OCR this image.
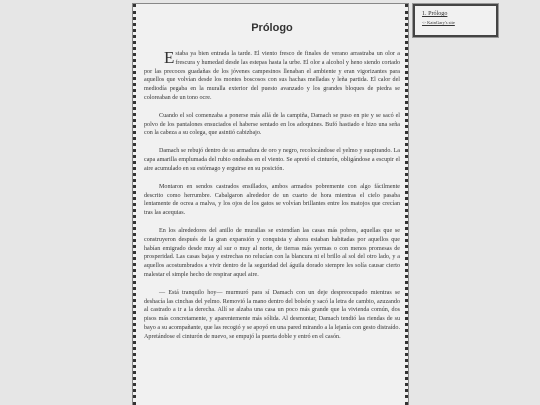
Prólogo

Estaba ya bien entrada la tarde. El viento fresco de finales de verano arrastraba un olor a frescura y humedad desde las estepas hasta la urbe. El olor a alcohol y heno siendo cortado por las precoces guadañas de los jóvenes campesinos llenaban el ambiente y eran vigorizantes para aquellos que volvían desde los montes boscosos con sus hachas melladas y leña partida. El calor del mediodía pegaba en la muralla exterior del puesto avanzado y los grandes bloques de piedra se coloreaban de un tono ocre.

Cuando el sol comenzaba a ponerse más allá de la campiña, Damach se puso en pie y se sacó el polvo de los pantalones ensuciados el haberse sentado en los adoquines. Bufó hastiado e hizo una seña con la cabeza a su colega, que asintió cabizbajo.

Damach se rebujó dentro de su armadura de oro y negro, recolocándose el yelmo y suspirando. La capa amarilla emplumada del rubio ondeaba en el viento. Se apretó el cinturón, obligándose a escupir el aire acumulado en su estómago y erguirse en su posición.

Montaron en sendos castrados ensillados, ambos armados pobremente con algo fácilmente descrito como herrumbre. Cabalgaron alrededor de un cuarto de hora mientras el cielo pasaba lentamente de ocrea a malva, y los ojos de los gatos se volvían brillantes entre los matojos que crecían tras las acequias.

En los alrededores del anillo de murallas se extendían las casas más pobres, aquellas que se construyeron después de la gran expansión y conquista y ahora estaban habitadas por aquellos que habían emigrado desde muy al sur o muy al norte, de tierras más yermas o con menos promesas de prosperidad. Las casas bajas y estrechas no relucían con la blancura ni el brillo al sol del otro lado, y a aquellos acostumbrados a vivir dentro de la seguridad del águila dorado siempre les solía causar cierto malestar el simple hecho de respirar aquel aire.

— Está tranquilo hoy— murmuró para sí Damach con un deje despreocupado mientras se deshacía las cinchas del yelmo. Removió la mano dentro del bolsón y sacó la letra de cambio, azuzando al castrado a ir a la derecha. Allí se alzaba una casa un poco más grande que la vivienda común, dos pisos más concretamente, y aparentemente más sólida. Al desmontar, Damach tendió las riendas de su bayo a su acompañante, que las recogió y se apoyó en una pared mirando a la lejanía con gesto distraído. Apretándose el cinturón de nuevo, se empujó la puerta doble y entró en el casón.

1. Prólogo
<- KainGary's site
